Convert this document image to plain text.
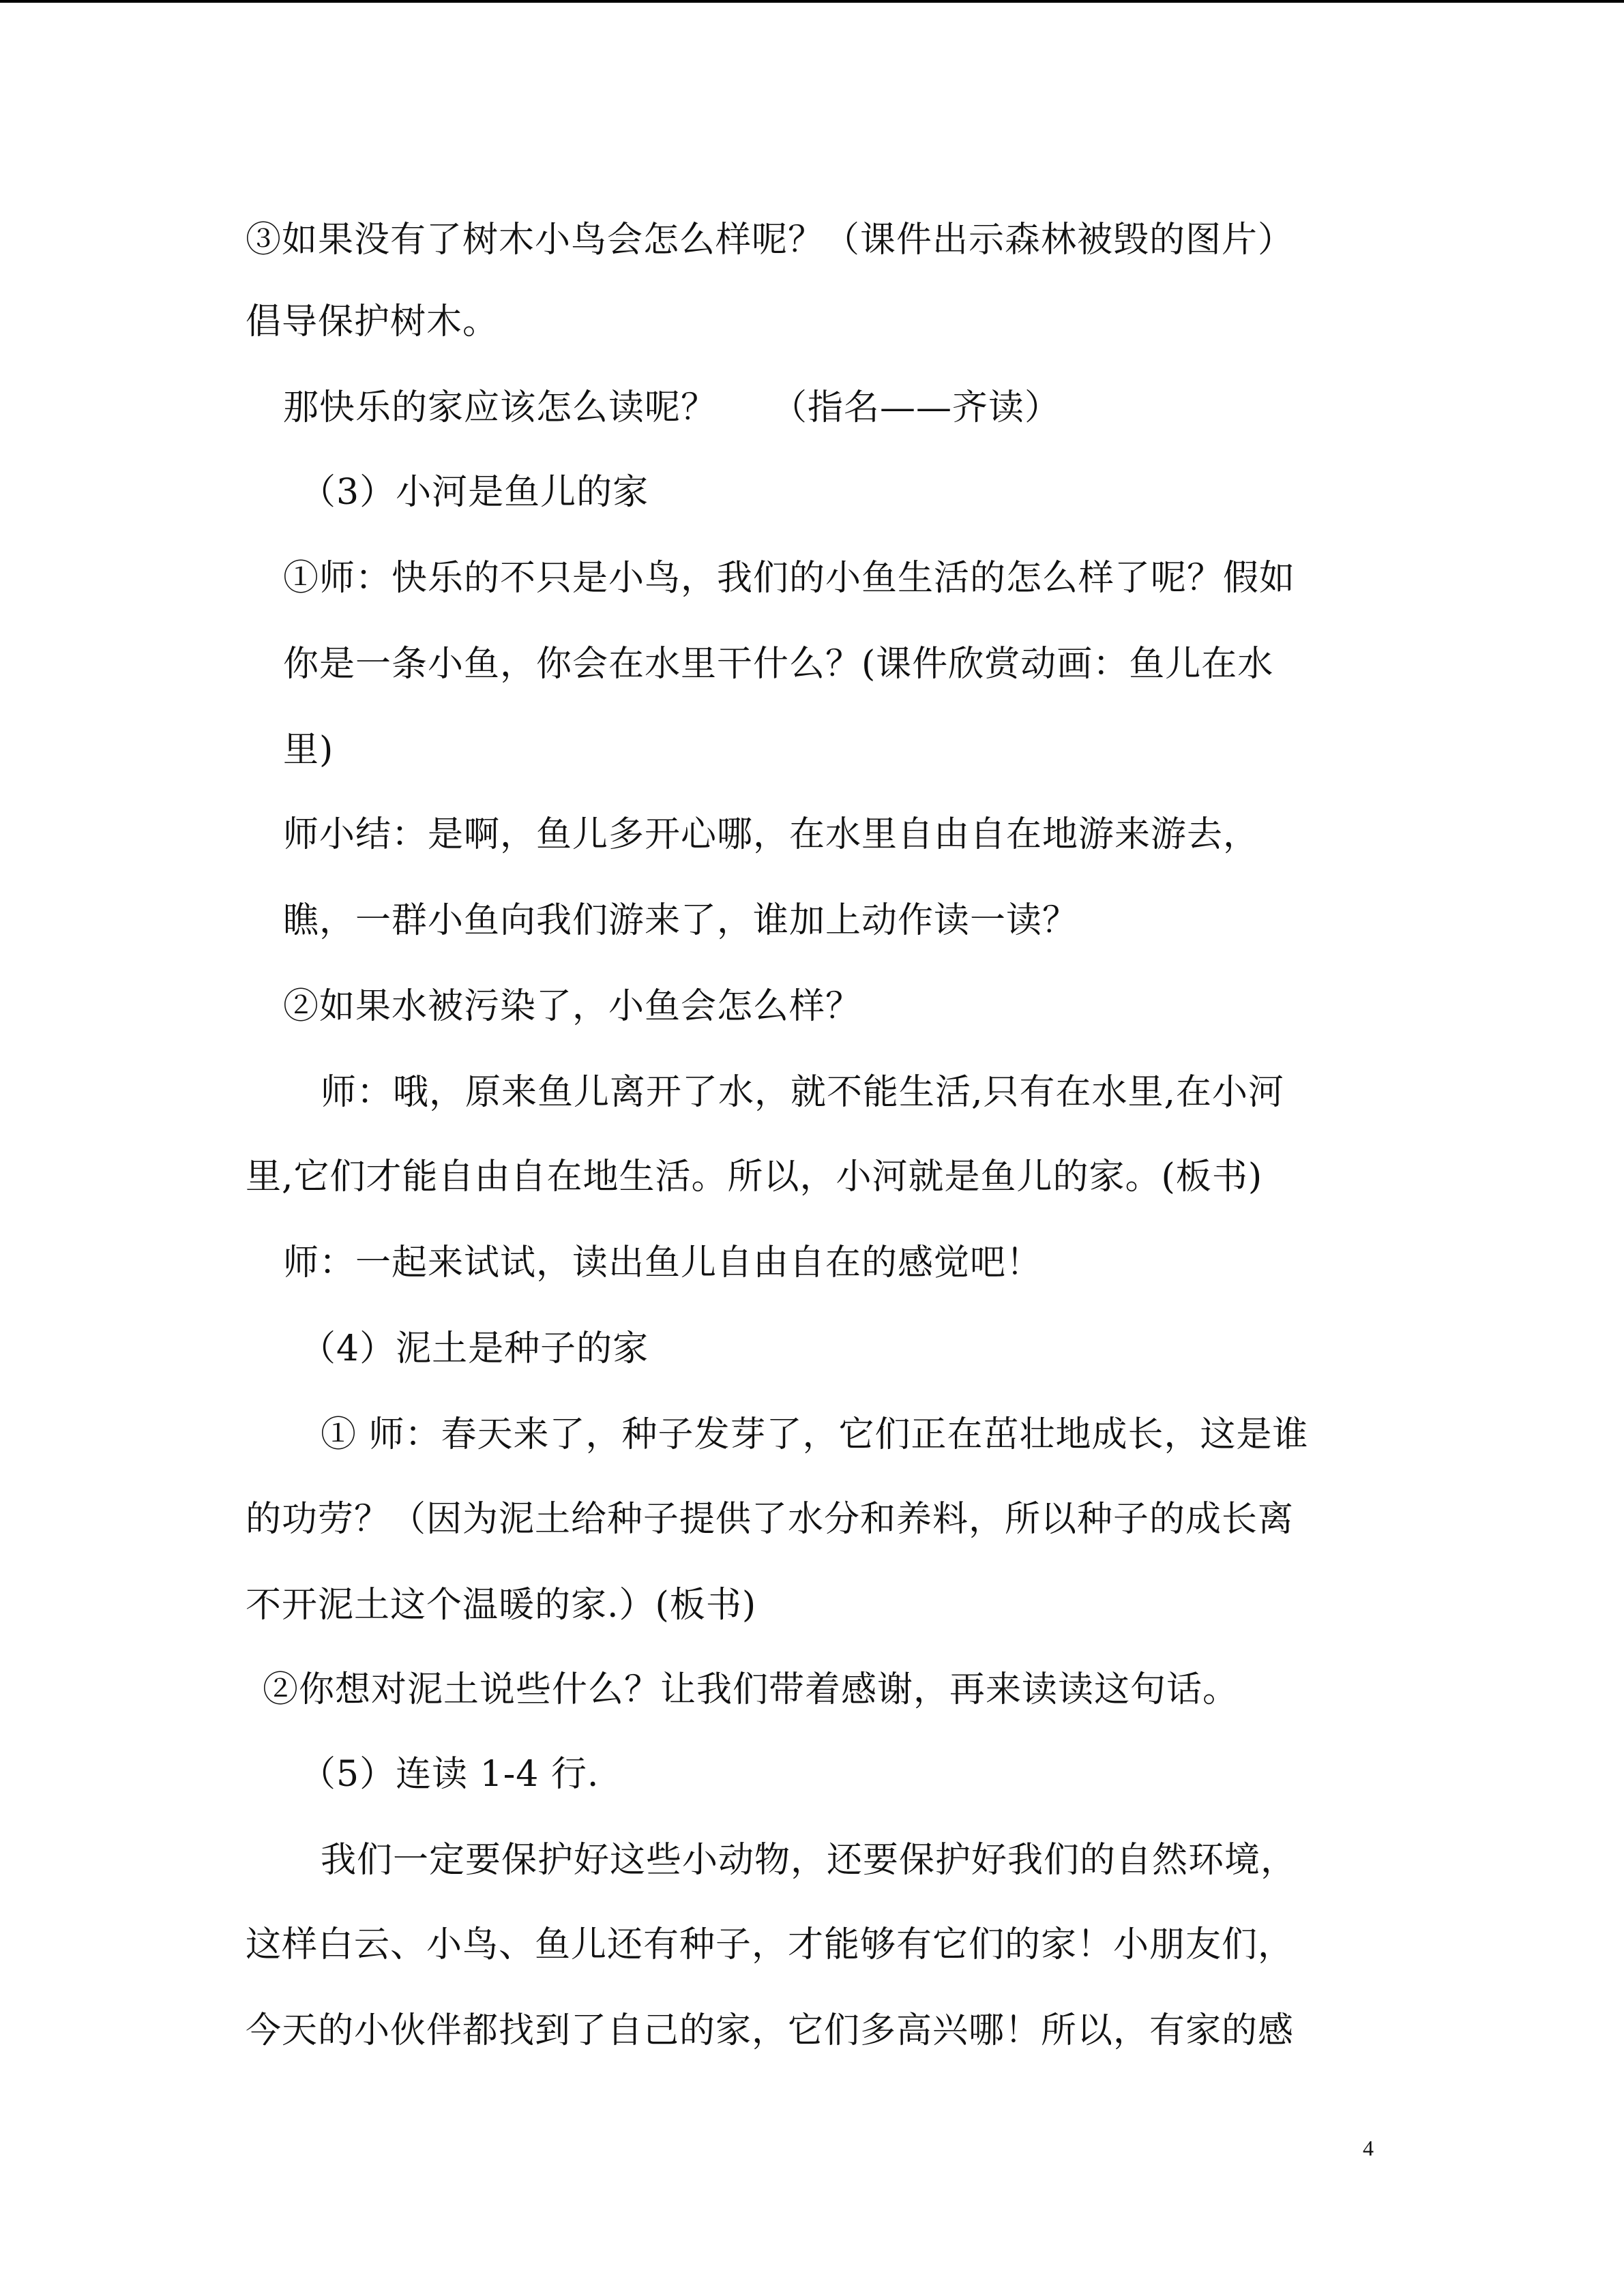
③如果没有了树木小鸟会怎么样呢？（课件出示森林被毁的图片）
倡导保护树木。
那快乐的家应该怎么读呢？　　（指名——齐读）
（3）小河是鱼儿的家
①师：快乐的不只是小鸟，我们的小鱼生活的怎么样了呢？假如
你是一条小鱼，你会在水里干什么？(课件欣赏动画：鱼儿在水
里)
师小结：是啊，鱼儿多开心哪，在水里自由自在地游来游去，
瞧，一群小鱼向我们游来了，谁加上动作读一读？
②如果水被污染了，小鱼会怎么样？
师：哦，原来鱼儿离开了水，就不能生活,只有在水里,在小河
里,它们才能自由自在地生活。所以，小河就是鱼儿的家。(板书)
师：一起来试试，读出鱼儿自由自在的感觉吧！
（4）泥土是种子的家
① 师：春天来了，种子发芽了，它们正在茁壮地成长，这是谁
的功劳？（因为泥土给种子提供了水分和养料，所以种子的成长离
不开泥土这个温暖的家.）(板书)
②你想对泥土说些什么？让我们带着感谢，再来读读这句话。
（5）连读 1-4 行.
我们一定要保护好这些小动物，还要保护好我们的自然环境，
这样白云、小鸟、鱼儿还有种子，才能够有它们的家！小朋友们，
今天的小伙伴都找到了自己的家，它们多高兴哪！所以，有家的感
4
